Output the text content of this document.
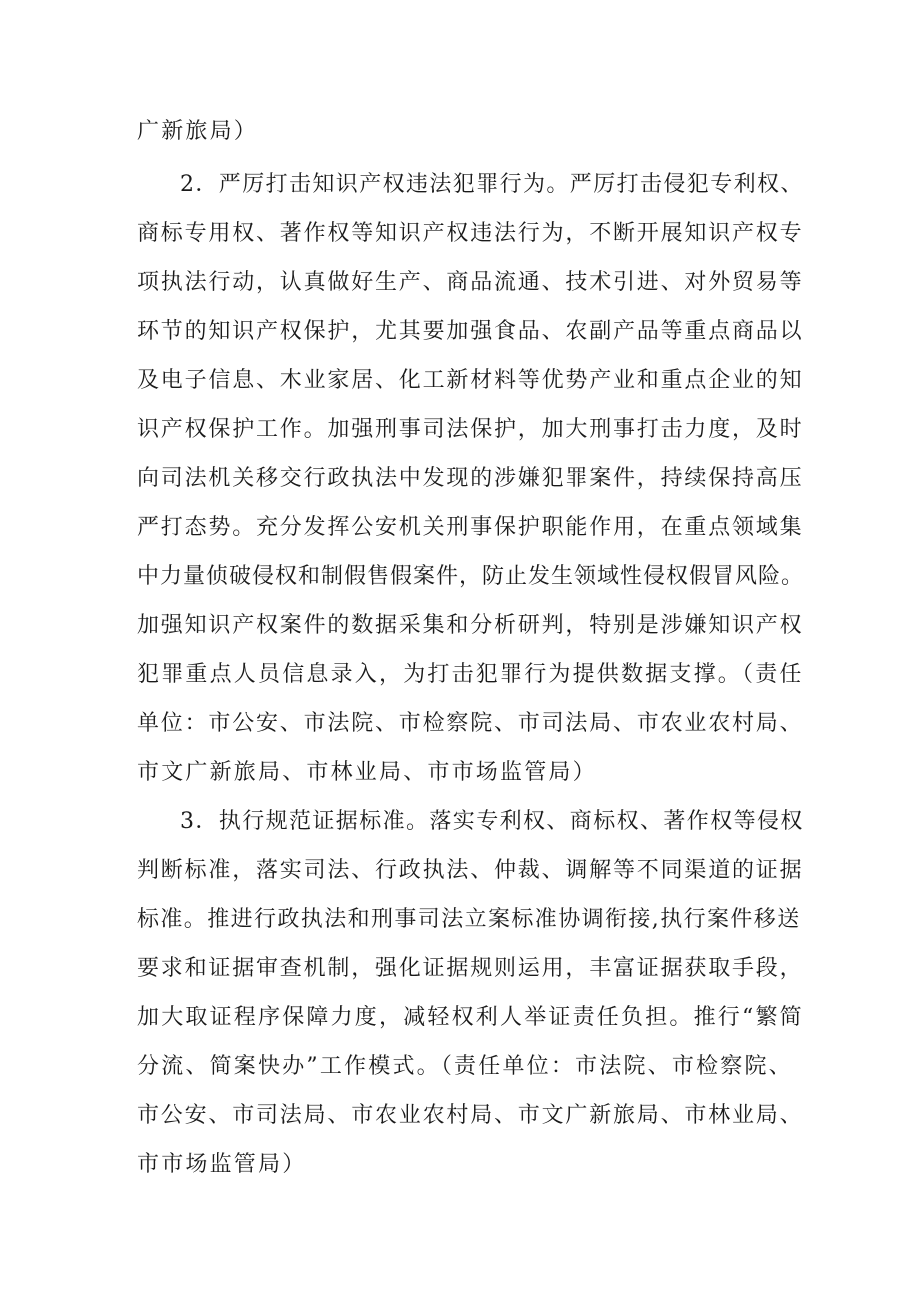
广新旅局）
2．严厉打击知识产权违法犯罪行为。严厉打击侵犯专利权、
商标专用权、著作权等知识产权违法行为，不断开展知识产权专
项执法行动，认真做好生产、商品流通、技术引进、对外贸易等
环节的知识产权保护，尤其要加强食品、农副产品等重点商品以
及电子信息、木业家居、化工新材料等优势产业和重点企业的知
识产权保护工作。加强刑事司法保护，加大刑事打击力度，及时
向司法机关移交行政执法中发现的涉嫌犯罪案件，持续保持高压
严打态势。充分发挥公安机关刑事保护职能作用，在重点领域集
中力量侦破侵权和制假售假案件，防止发生领域性侵权假冒风险。
加强知识产权案件的数据采集和分析研判，特别是涉嫌知识产权
犯罪重点人员信息录入，为打击犯罪行为提供数据支撑。（责任
单位：市公安、市法院、市检察院、市司法局、市农业农村局、
市文广新旅局、市林业局、市市场监管局）
3．执行规范证据标准。落实专利权、商标权、著作权等侵权
判断标准，落实司法、行政执法、仲裁、调解等不同渠道的证据
标准。推进行政执法和刑事司法立案标准协调衔接,执行案件移送
要求和证据审查机制，强化证据规则运用，丰富证据获取手段，
加大取证程序保障力度，减轻权利人举证责任负担。推行“繁简
分流、简案快办”工作模式。（责任单位：市法院、市检察院、
市公安、市司法局、市农业农村局、市文广新旅局、市林业局、
市市场监管局）
